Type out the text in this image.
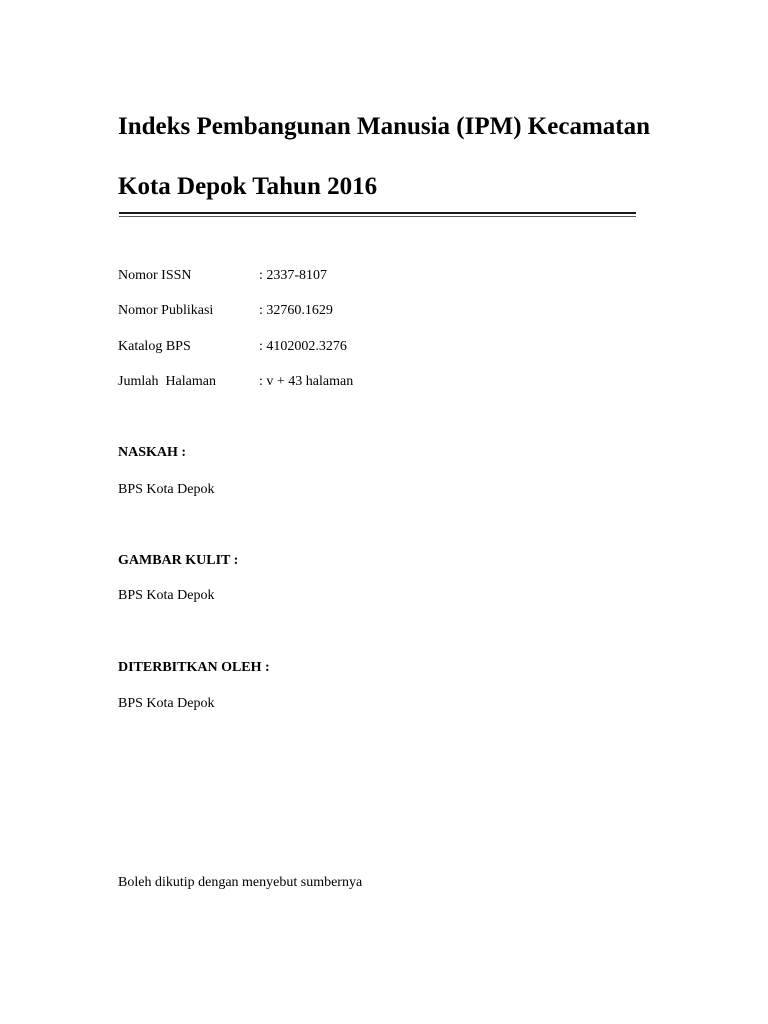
Indeks Pembangunan Manusia (IPM) Kecamatan
Kota Depok Tahun 2016
Nomor ISSN	: 2337-8107
Nomor Publikasi	: 32760.1629
Katalog BPS	: 4102002.3276
Jumlah  Halaman	: v + 43 halaman
NASKAH :
BPS Kota Depok
GAMBAR KULIT :
BPS Kota Depok
DITERBITKAN OLEH :
BPS Kota Depok
Boleh dikutip dengan menyebut sumbernya
